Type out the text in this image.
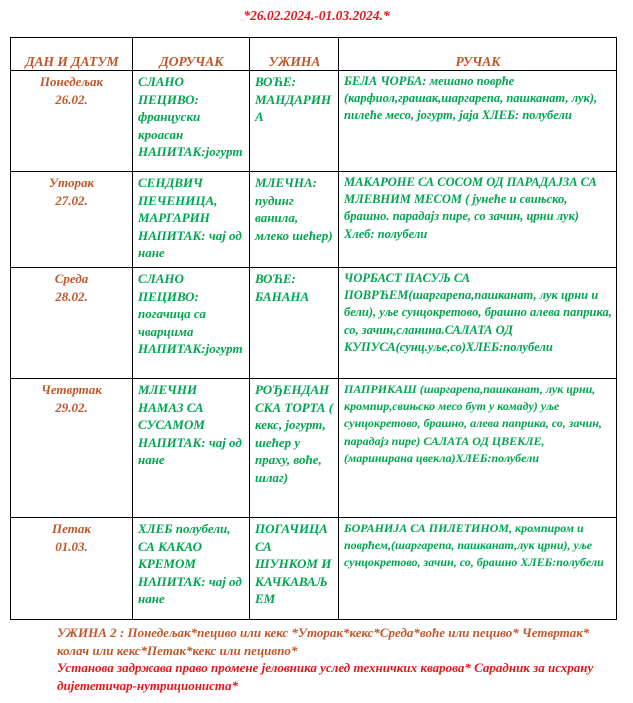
*26.02.2024.-01.03.2024.*
ДАН И ДАТУМ	ДОРУЧАК	УЖИНА	РУЧАК

Понедељак
26.02.	СЛАНО ПЕЦИВО: француски кроасан НАПИТАК:јогурт	ВОЋЕ: МАНДАРИНА	БЕЛА ЧОРБА: мешано поврће (карфиол,грашак,шаргарепа, пашканат, лук), пилеће месо, јогурт, јаја ХЛЕБ: полубели

Уторак
27.02.	СЕНДВИЧ ПЕЧЕНИЦА, МАРГАРИН НАПИТАК: чај од нане	МЛЕЧНА: пудинг ванила, млеко шећер)	МАКАРОНЕ СА СОСОМ ОД ПАРАДАЈЗА СА МЛЕВНИМ МЕСОМ ( јунеће и свињско, брашно. парадајз пире, со зачин, црни лук) Хлеб: полубели

Среда
28.02.	СЛАНО ПЕЦИВО: погачица са чварцима НАПИТАК:јогурт	ВОЋЕ: БАНАНА	ЧОРБАСТ ПАСУЉ СА ПОВРЋЕМ(шаргарепа,пашканат, лук црни и бели), уље сунцокретово, брашно алева паприка, со, зачин,сланина.САЛАТА ОД КУПУСА(сунц.уље,со)ХЛЕБ:полубели

Четвртак
29.02.	МЛЕЧНИ НАМАЗ СА СУСАМОМ НАПИТАК: чај од нане	РОЂЕНДАНСКА ТОРТА ( кекс, јогурт, шећер у праху, воће, шлаг)	ПАПРИКАШ (шаргарепа,пашканат, лук црни, кромпир,свињско месо бут у комаду) уље сунцокретово, брашно, алева паприка, со, зачин, парадајз пире) САЛАТА ОД ЦВЕКЛЕ, (маринирана цвекла)ХЛЕБ:полубели

Петак
01.03.	ХЛЕБ полубели, СА КАКАО КРЕМОМ НАПИТАК: чај од нане	ПОГАЧИЦА СА ШУНКОМ И КАЧКАВАЉЕМ	БОРАНИЈА СА ПИЛЕТИНОМ, кромпиром и поврћем,(шаргарепа, пашканат,лук црни), уље сунцокретово, зачин, со, брашно ХЛЕБ:полубели
УЖИНА 2 : Понедељак*пециво или кекс *Уторак*кекс*Среда*воће или пециво* Четвртак* колач или кекс*Петак*кекс или пецивпо*
Установа задржава право промене јеловника услед техничких кварова* Сарадник за исхрану дијететичар-нутриционистa*
